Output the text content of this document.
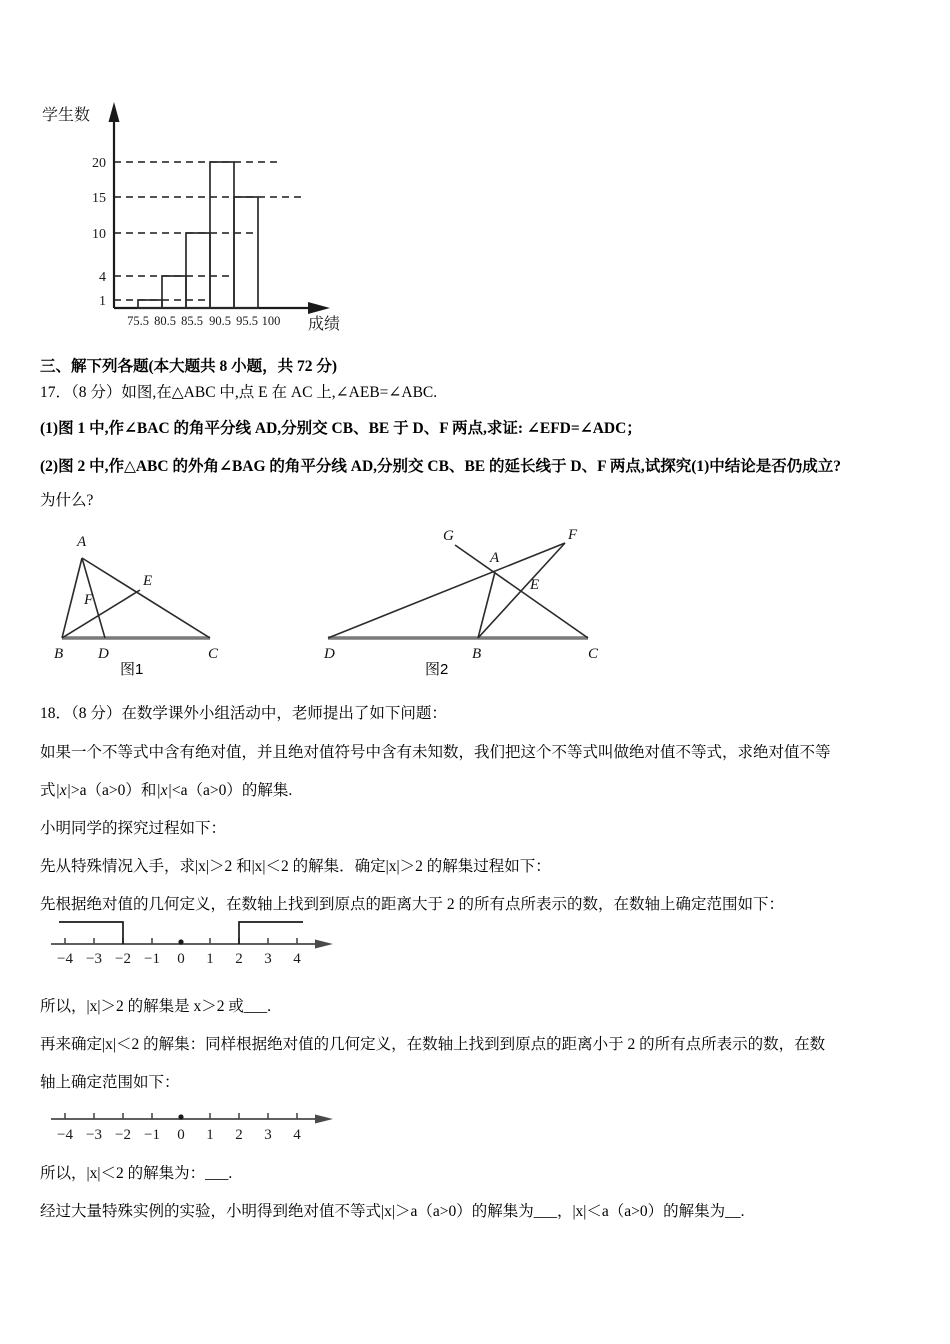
1
4
10
15
20
75.5 80.5 85.5 90.5 95.5 100
学生数
成绩
三、解下列各题(本大题共 8 小题，共 72 分)
17．（8 分）如图,在△ABC 中,点 E 在 AC 上,∠AEB=∠ABC.
(1)图 1 中,作∠BAC 的角平分线 AD,分别交 CB、BE 于 D、F 两点,求证: ∠EFD=∠ADC；
(2)图 2 中,作△ABC 的外角∠BAG 的角平分线 AD,分别交 CB、BE 的延长线于 D、F 两点,试探究(1)中结论是否仍成立?
为什么?
A
B	C
D
E
F
A
B	C
D
E
F
G
图1	图2
18．（8 分）在数学课外小组活动中，老师提出了如下问题：
如果一个不等式中含有绝对值，并且绝对值符号中含有未知数，我们把这个不等式叫做绝对值不等式，求绝对值不等
式|x|>a（a>0）和|x|<a（a>0）的解集.
小明同学的探究过程如下：
先从特殊情况入手，求|x|＞2 和|x|＜2 的解集．确定|x|＞2 的解集过程如下：
先根据绝对值的几何定义，在数轴上找到到原点的距离大于 2 的所有点所表示的数，在数轴上确定范围如下：
−4 −3 −2 −1 0 1 2 3 4
所以，|x|＞2 的解集是 x＞2 或___.
再来确定|x|＜2 的解集：同样根据绝对值的几何定义，在数轴上找到到原点的距离小于 2 的所有点所表示的数，在数
轴上确定范围如下：
−4 −3 −2 −1 0 1 2 3 4
所以，|x|＜2 的解集为：___.
经过大量特殊实例的实验，小明得到绝对值不等式|x|＞a（a>0）的解集为___，|x|＜a（a>0）的解集为__.
